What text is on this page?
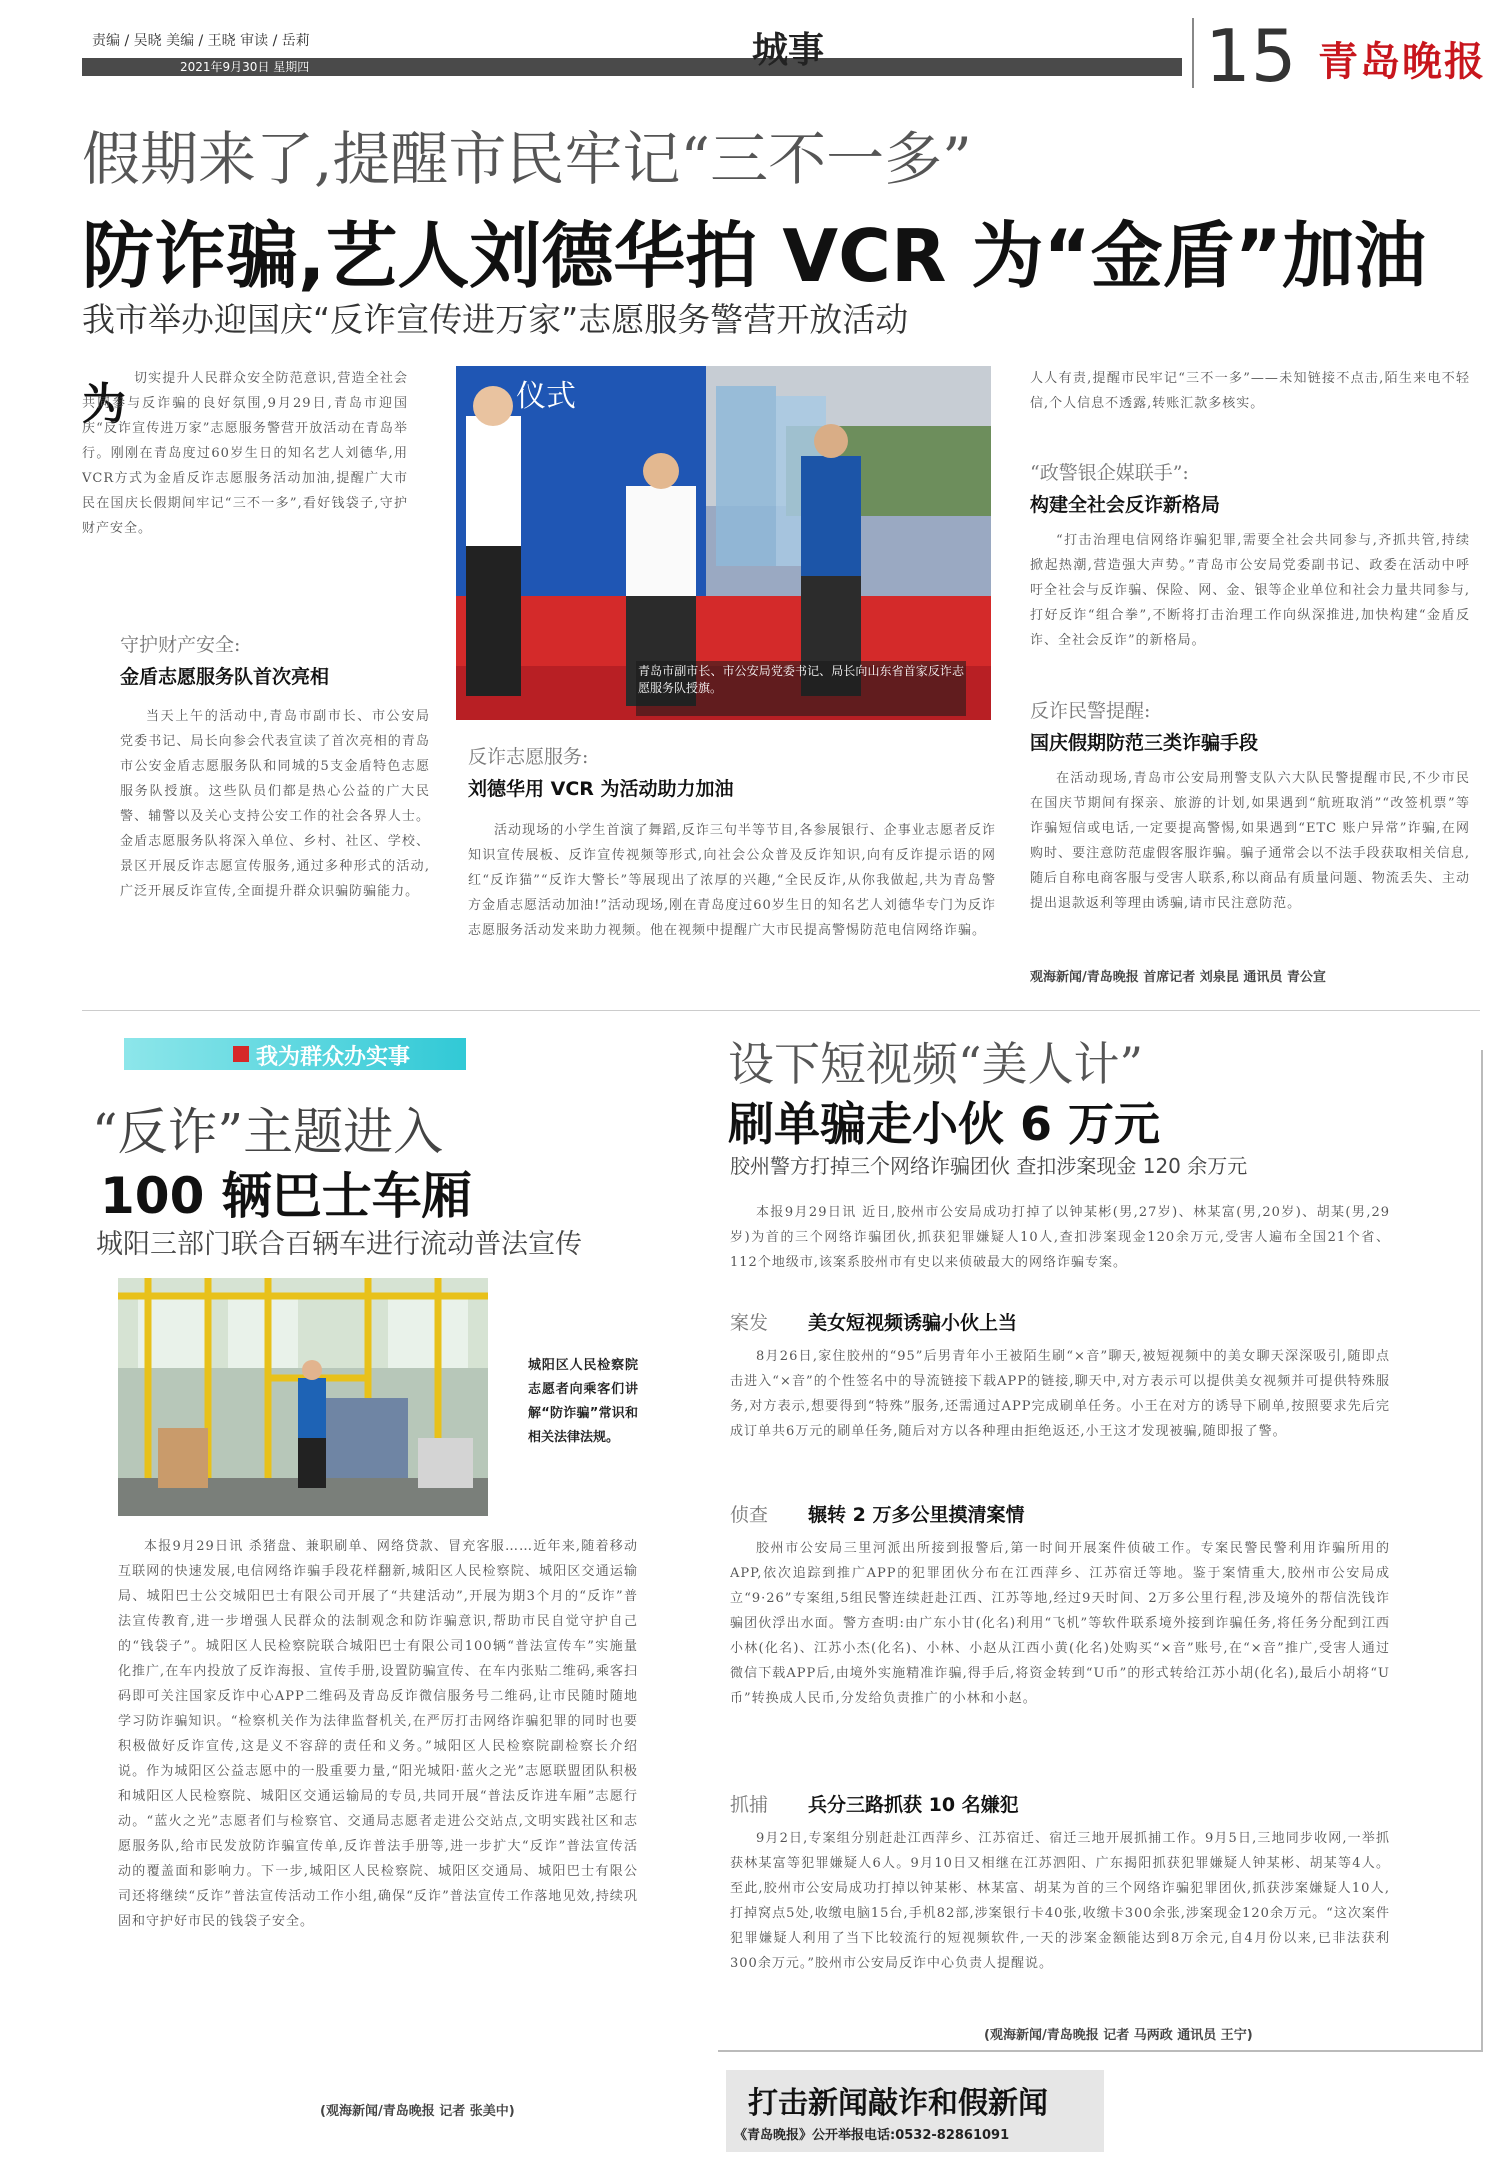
责编 / 吴晓 美编 / 王晓 审读 / 岳莉
2021年9月30日 星期四	城事	15 青岛晚报
假期来了,提醒市民牢记“三不一多”
防诈骗,艺人刘德华拍 VCR 为“金盾”加油
我市举办迎国庆“反诈宣传进万家”志愿服务警营开放活动
为
切实提升人民群众安全防范意识,营造全社会共同参与反诈骗的良好氛围,9月29日,青岛市迎国庆“反诈宣传进万家”志愿服务警营开放活动在青岛举行。刚刚在青岛度过60岁生日的知名艺人刘德华,用VCR方式为金盾反诈志愿服务活动加油,提醒广大市民在国庆长假期间牢记“三不一多”,看好钱袋子,守护财产安全。
守护财产安全:
金盾志愿服务队首次亮相
当天上午的活动中,青岛市副市长、市公安局党委书记、局长向参会代表宣读了首次亮相的青岛市公安金盾志愿服务队和同城的5支金盾特色志愿服务队授旗。这些队员们都是热心公益的广大民警、辅警以及关心支持公安工作的社会各界人士。金盾志愿服务队将深入单位、乡村、社区、学校、景区开展反诈志愿宣传服务,通过多种形式的活动,广泛开展反诈宣传,全面提升群众识骗防骗能力。
仪式
青岛市副市长、市公安局党委书记、局长向山东省首家反诈志愿服务队授旗。
反诈志愿服务:
刘德华用 VCR 为活动助力加油
活动现场的小学生首演了舞蹈,反诈三句半等节目,各参展银行、企事业志愿者反诈知识宣传展板、反诈宣传视频等形式,向社会公众普及反诈知识,向有反诈提示语的网红“反诈猫”“反诈大警长”等展现出了浓厚的兴趣,“全民反诈,从你我做起,共为青岛警方金盾志愿活动加油!”活动现场,刚在青岛度过60岁生日的知名艺人刘德华专门为反诈志愿服务活动发来助力视频。他在视频中提醒广大市民提高警惕防范电信网络诈骗。
人人有责,提醒市民牢记“三不一多”——未知链接不点击,陌生来电不轻信,个人信息不透露,转账汇款多核实。
“政警银企媒联手”:
构建全社会反诈新格局
“打击治理电信网络诈骗犯罪,需要全社会共同参与,齐抓共管,持续掀起热潮,营造强大声势。”青岛市公安局党委副书记、政委在活动中呼吁全社会与反诈骗、保险、网、金、银等企业单位和社会力量共同参与,打好反诈“组合拳”,不断将打击治理工作向纵深推进,加快构建“金盾反诈、全社会反诈”的新格局。
反诈民警提醒:
国庆假期防范三类诈骗手段
在活动现场,青岛市公安局刑警支队六大队民警提醒市民,不少市民在国庆节期间有探亲、旅游的计划,如果遇到“航班取消”“改签机票”等诈骗短信或电话,一定要提高警惕,如果遇到“ETC 账户异常”诈骗,在网购时、要注意防范虚假客服诈骗。骗子通常会以不法手段获取相关信息,随后自称电商客服与受害人联系,称以商品有质量问题、物流丢失、主动提出退款返利等理由诱骗,请市民注意防范。
观海新闻/青岛晚报 首席记者 刘泉昆 通讯员 青公宣
我为群众办实事
“反诈”主题进入
100 辆巴士车厢
城阳三部门联合百辆车进行流动普法宣传
城阳区人民检察院志愿者向乘客们讲解“防诈骗”常识和相关法律法规。
本报9月29日讯 杀猪盘、兼职刷单、网络贷款、冒充客服……近年来,随着移动互联网的快速发展,电信网络诈骗手段花样翻新,城阳区人民检察院、城阳区交通运输局、城阳巴士公交城阳巴士有限公司开展了“共建活动”,开展为期3个月的“反诈”普法宣传教育,进一步增强人民群众的法制观念和防诈骗意识,帮助市民自觉守护自己的“钱袋子”。城阳区人民检察院联合城阳巴士有限公司100辆“普法宣传车”实施量化推广,在车内投放了反诈海报、宣传手册,设置防骗宣传、在车内张贴二维码,乘客扫码即可关注国家反诈中心APP二维码及青岛反诈微信服务号二维码,让市民随时随地学习防诈骗知识。“检察机关作为法律监督机关,在严厉打击网络诈骗犯罪的同时也要积极做好反诈宣传,这是义不容辞的责任和义务。”城阳区人民检察院副检察长介绍说。作为城阳区公益志愿中的一股重要力量,“阳光城阳·蓝火之光”志愿联盟团队积极和城阳区人民检察院、城阳区交通运输局的专员,共同开展“普法反诈进车厢”志愿行动。“蓝火之光”志愿者们与检察官、交通局志愿者走进公交站点,文明实践社区和志愿服务队,给市民发放防诈骗宣传单,反诈普法手册等,进一步扩大“反诈”普法宣传活动的覆盖面和影响力。下一步,城阳区人民检察院、城阳区交通局、城阳巴士有限公司还将继续“反诈”普法宣传活动工作小组,确保“反诈”普法宣传工作落地见效,持续巩固和守护好市民的钱袋子安全。
(观海新闻/青岛晚报 记者 张美中)
设下短视频“美人计”
刷单骗走小伙 6 万元
胶州警方打掉三个网络诈骗团伙 查扣涉案现金 120 余万元
本报9月29日讯 近日,胶州市公安局成功打掉了以钟某彬(男,27岁)、林某富(男,20岁)、胡某(男,29岁)为首的三个网络诈骗团伙,抓获犯罪嫌疑人10人,查扣涉案现金120余万元,受害人遍布全国21个省、112个地级市,该案系胶州市有史以来侦破最大的网络诈骗专案。
案发 美女短视频诱骗小伙上当
8月26日,家住胶州的“95”后男青年小王被陌生刷“×音”聊天,被短视频中的美女聊天深深吸引,随即点击进入“×音”的个性签名中的导流链接下载APP的链接,聊天中,对方表示可以提供美女视频并可提供特殊服务,对方表示,想要得到“特殊”服务,还需通过APP完成刷单任务。小王在对方的诱导下刷单,按照要求先后完成订单共6万元的刷单任务,随后对方以各种理由拒绝返还,小王这才发现被骗,随即报了警。
侦查 辗转 2 万多公里摸清案情
胶州市公安局三里河派出所接到报警后,第一时间开展案件侦破工作。专案民警民警利用诈骗所用的APP,依次追踪到推广APP的犯罪团伙分布在江西萍乡、江苏宿迁等地。鉴于案情重大,胶州市公安局成立“9·26”专案组,5组民警连续赶赴江西、江苏等地,经过9天时间、2万多公里行程,涉及境外的帮信洗钱诈骗团伙浮出水面。警方查明:由广东小甘(化名)利用“飞机”等软件联系境外接到诈骗任务,将任务分配到江西小林(化名)、江苏小杰(化名)、小林、小赵从江西小黄(化名)处购买“×音”账号,在“×音”推广,受害人通过微信下载APP后,由境外实施精准诈骗,得手后,将资金转到“U币”的形式转给江苏小胡(化名),最后小胡将“U币”转换成人民币,分发给负责推广的小林和小赵。
抓捕 兵分三路抓获 10 名嫌犯
9月2日,专案组分别赶赴江西萍乡、江苏宿迁、宿迁三地开展抓捕工作。9月5日,三地同步收网,一举抓获林某富等犯罪嫌疑人6人。9月10日又相继在江苏泗阳、广东揭阳抓获犯罪嫌疑人钟某彬、胡某等4人。至此,胶州市公安局成功打掉以钟某彬、林某富、胡某为首的三个网络诈骗犯罪团伙,抓获涉案嫌疑人10人,打掉窝点5处,收缴电脑15台,手机82部,涉案银行卡40张,收缴卡300余张,涉案现金120余万元。“这次案件犯罪嫌疑人利用了当下比较流行的短视频软件,一天的涉案金额能达到8万余元,自4月份以来,已非法获利300余万元。”胶州市公安局反诈中心负责人提醒说。
(观海新闻/青岛晚报 记者 马两政 通讯员 王宁)
打击新闻敲诈和假新闻
《青岛晚报》公开举报电话:0532-82861091
